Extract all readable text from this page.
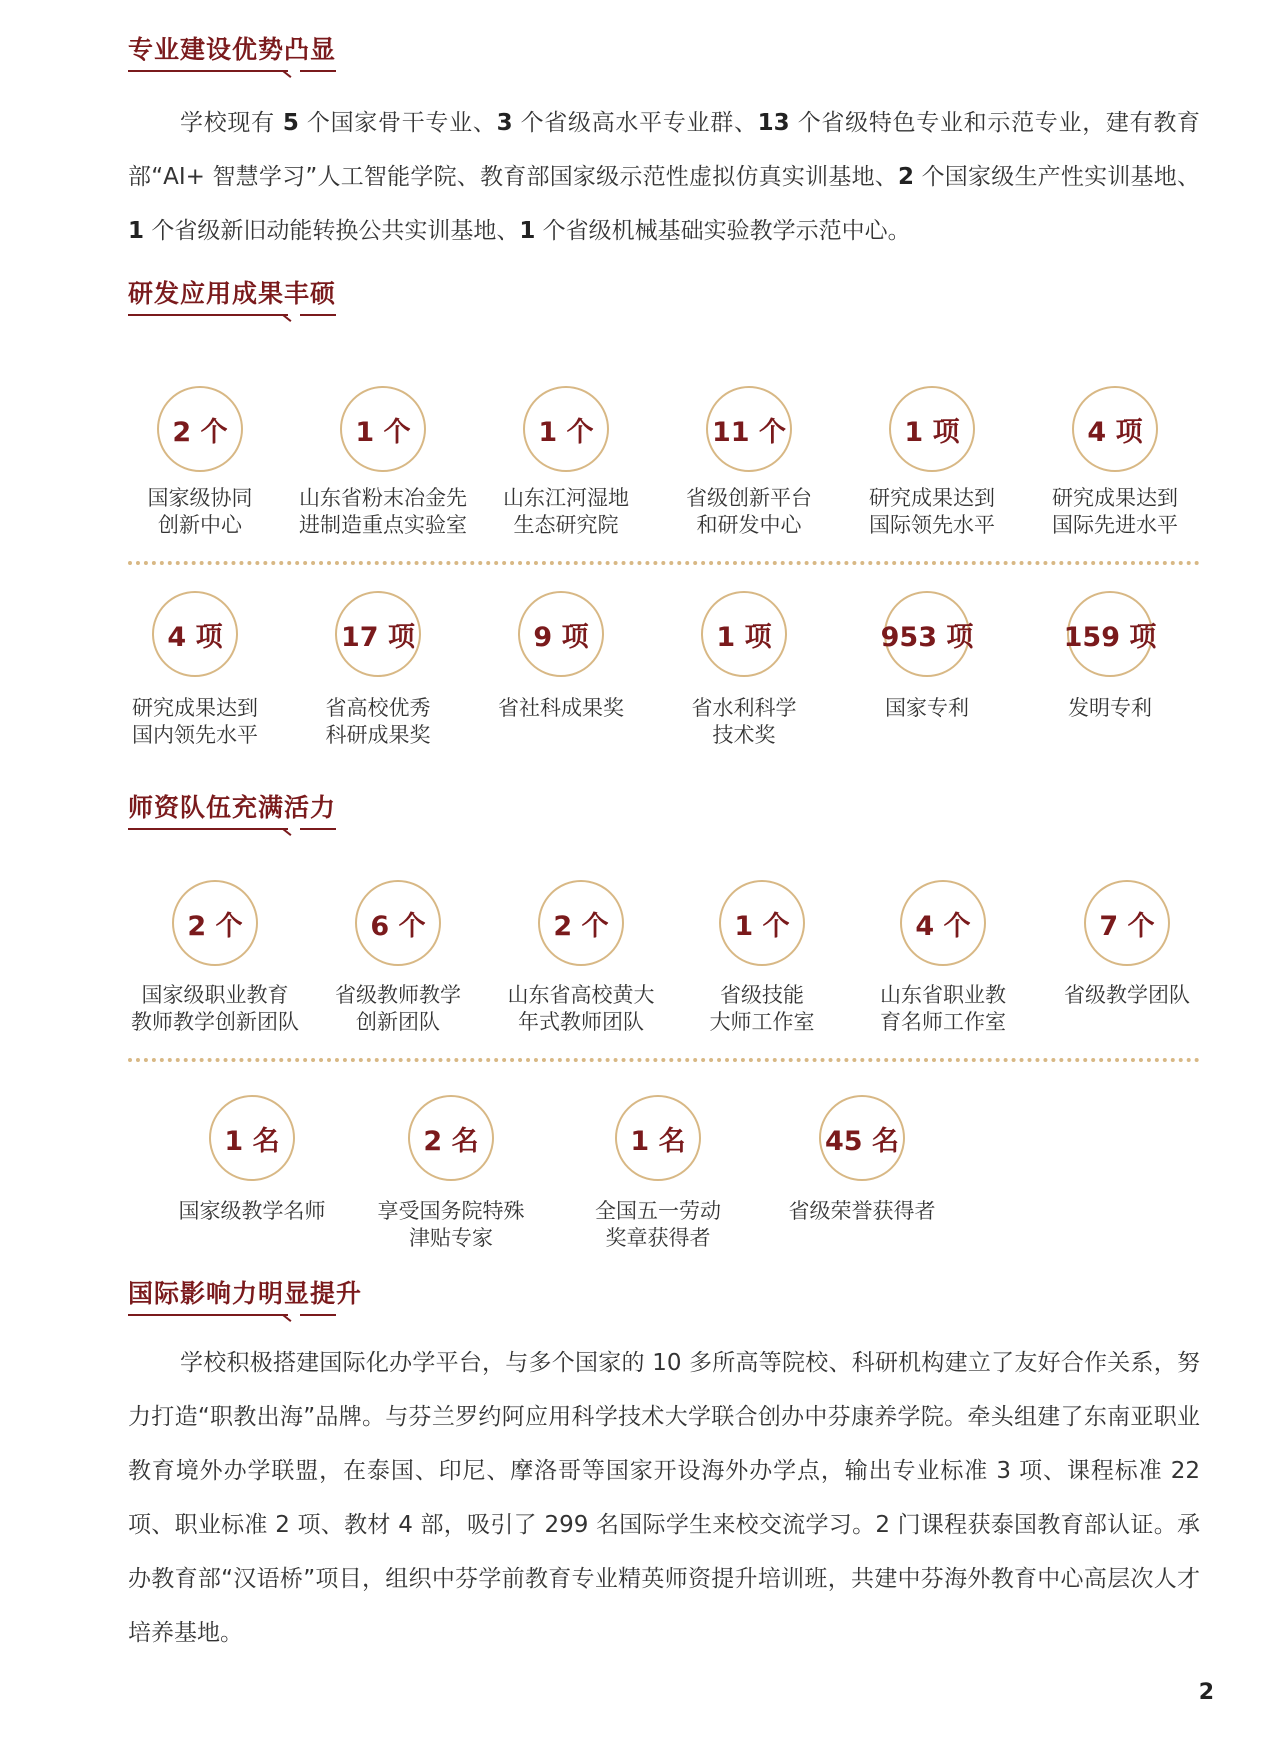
专业建设优势凸显

学校现有 5 个国家骨干专业、3 个省级高水平专业群、13 个省级特色专业和示范专业，建有教育部“AI+ 智慧学习”人工智能学院、教育部国家级示范性虚拟仿真实训基地、2 个国家级生产性实训基地、1 个省级新旧动能转换公共实训基地、1 个省级机械基础实验教学示范中心。

研发应用成果丰硕
2 个
国家级协同
创新中心
1 个
山东省粉末冶金先
进制造重点实验室
1 个
山东江河湿地
生态研究院
11 个
省级创新平台
和研发中心
1 项
研究成果达到
国际领先水平
4 项
研究成果达到
国际先进水平
4 项
研究成果达到
国内领先水平
17 项
省高校优秀
科研成果奖
9 项
省社科成果奖
1 项
省水利科学
技术奖
953 项
国家专利
159 项
发明专利
师资队伍充满活力
2 个
国家级职业教育
教师教学创新团队
6 个
省级教师教学
创新团队
2 个
山东省高校黄大
年式教师团队
1 个
省级技能
大师工作室
4 个
山东省职业教
育名师工作室
7 个
省级教学团队
1 名
国家级教学名师
2 名
享受国务院特殊
津贴专家
1 名
全国五一劳动
奖章获得者
45 名
省级荣誉获得者
国际影响力明显提升

学校积极搭建国际化办学平台，与多个国家的 10 多所高等院校、科研机构建立了友好合作关系，努力打造“职教出海”品牌。与芬兰罗约阿应用科学技术大学联合创办中芬康养学院。牵头组建了东南亚职业教育境外办学联盟，在泰国、印尼、摩洛哥等国家开设海外办学点，输出专业标准 3 项、课程标准 22 项、职业标准 2 项、教材 4 部，吸引了 299 名国际学生来校交流学习。2 门课程获泰国教育部认证。承办教育部“汉语桥”项目，组织中芬学前教育专业精英师资提升培训班，共建中芬海外教育中心高层次人才培养基地。

2
